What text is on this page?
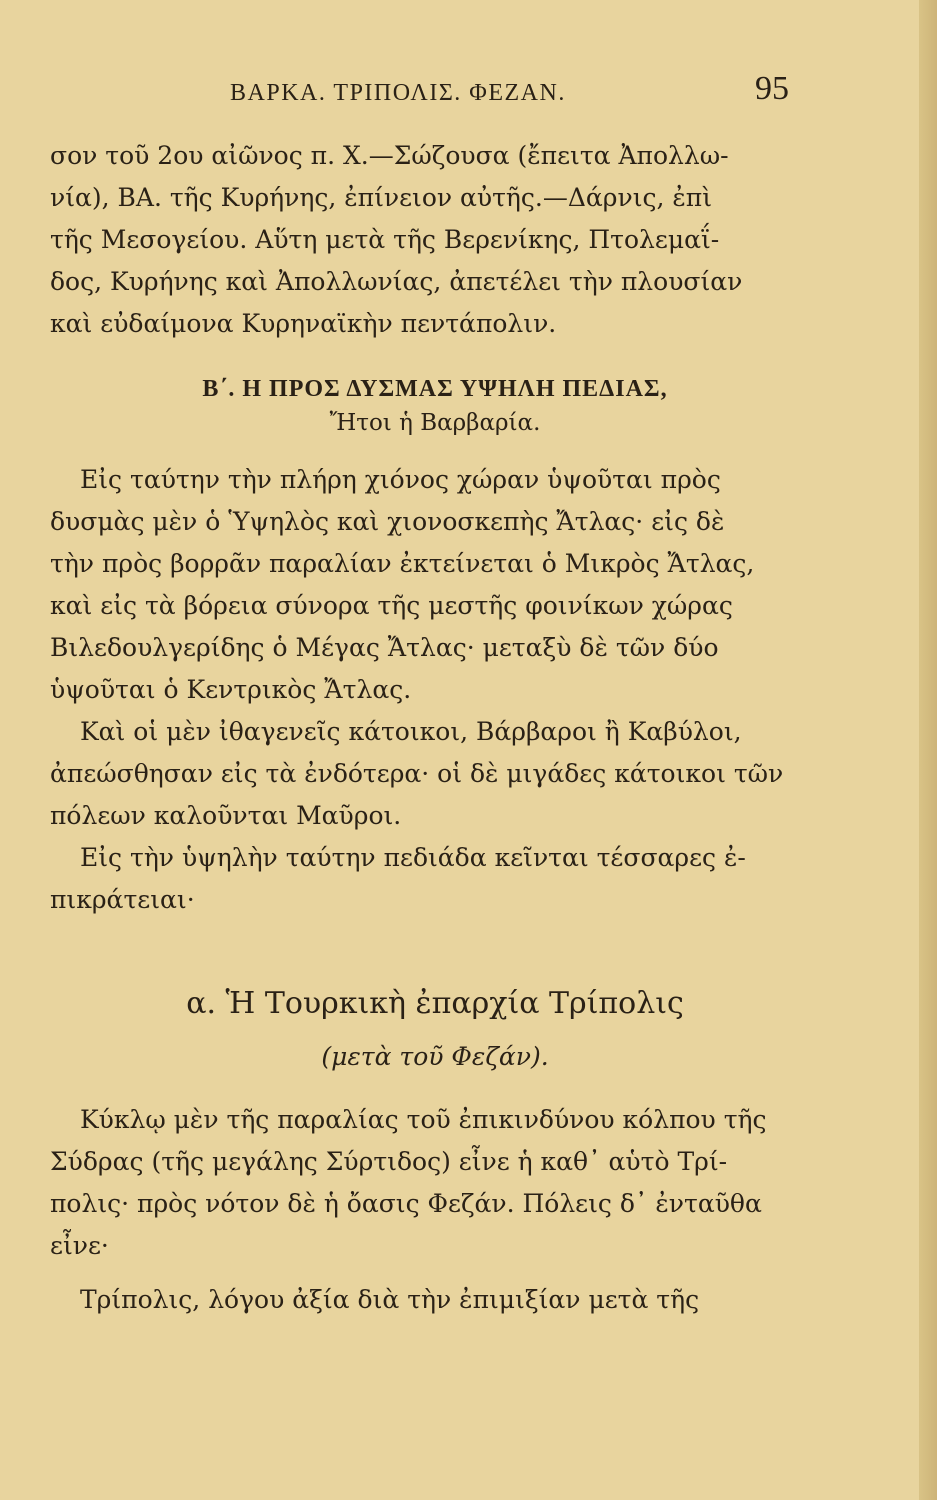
ΒΑΡΚΑ. ΤΡΙΠΟΛΙΣ. ΦΕΖΑΝ.	95
σον τοῦ 2ου αἰῶνος π. Χ.—Σώζουσα (ἔπειτα Ἀπολλω-
νία), ΒΑ. τῆς Κυρήνης, ἐπίνειον αὐτῆς.—Δάρνις, ἐπὶ
τῆς Μεσογείου. Αὕτη μετὰ τῆς Βερενίκης, Πτολεμαΐ-
δος, Κυρήνης καὶ Ἀπολλωνίας, ἀπετέλει τὴν πλουσίαν
καὶ εὐδαίμονα Κυρηναϊκὴν πεντάπολιν.
Β΄. Η ΠΡΟΣ ΔΥΣΜΑΣ ΥΨΗΛΗ ΠΕΔΙΑΣ,
Ἤτοι ἡ Βαρβαρία.
Εἰς ταύτην τὴν πλήρη χιόνος χώραν ὑψοῦται πρὸς
δυσμὰς μὲν ὁ Ὑψηλὸς καὶ χιονοσκεπὴς Ἄτλας· εἰς δὲ
τὴν πρὸς βορρᾶν παραλίαν ἐκτείνεται ὁ Μικρὸς Ἄτλας,
καὶ εἰς τὰ βόρεια σύνορα τῆς μεστῆς φοινίκων χώρας
Βιλεδουλγερίδης ὁ Μέγας Ἄτλας· μεταξὺ δὲ τῶν δύο
ὑψοῦται ὁ Κεντρικὸς Ἄτλας.
Καὶ οἱ μὲν ἰθαγενεῖς κάτοικοι, Βάρβαροι ἢ Καβύλοι,
ἀπεώσθησαν εἰς τὰ ἐνδότερα· οἱ δὲ μιγάδες κάτοικοι τῶν
πόλεων καλοῦνται Μαῦροι.
Εἰς τὴν ὑψηλὴν ταύτην πεδιάδα κεῖνται τέσσαρες ἐ-
πικράτειαι·
α. Ἡ Τουρκικὴ ἐπαρχία Τρίπολις
(μετὰ τοῦ Φεζάν).
Κύκλῳ μὲν τῆς παραλίας τοῦ ἐπικινδύνου κόλπου τῆς
Σύδρας (τῆς μεγάλης Σύρτιδος) εἶνε ἡ καθ᾽ αὑτὸ Τρί-
πολις· πρὸς νότον δὲ ἡ ὄασις Φεζάν. Πόλεις δ᾽ ἐνταῦθα
εἶνε·
Τρίπολις, λόγου ἀξία διὰ τὴν ἐπιμιξίαν μετὰ τῆς
